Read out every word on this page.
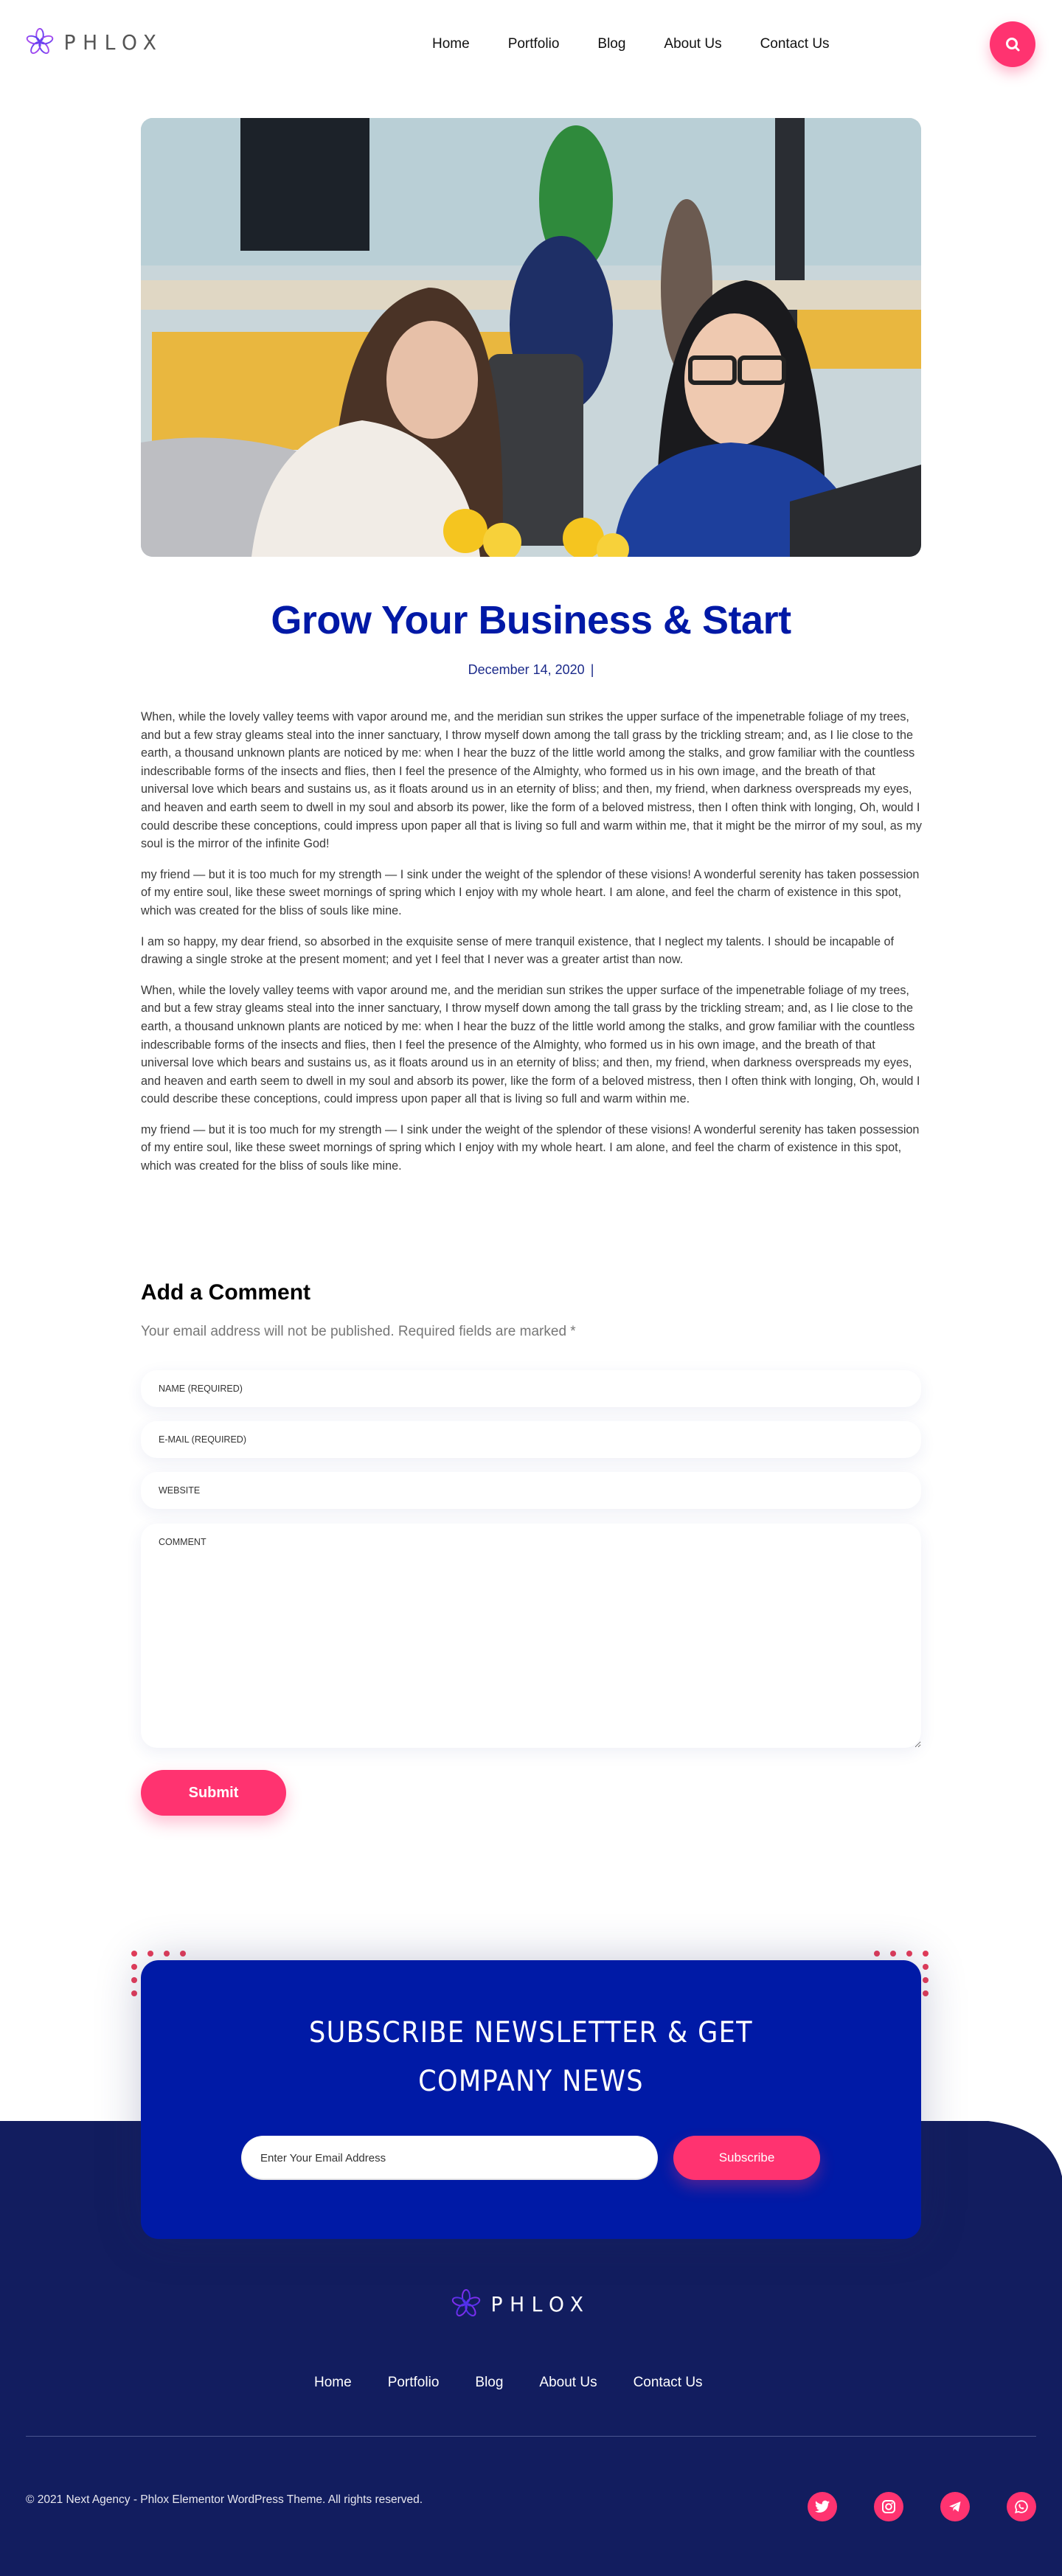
PHLOX	Home	Portfolio	Blog	About Us	Contact Us
Grow Your Business & Start
December 14, 2020 |

When, while the lovely valley teems with vapor around me, and the meridian sun strikes the upper surface of the impenetrable foliage of my trees, and but a few stray gleams steal into the inner sanctuary, I throw myself down among the tall grass by the trickling stream; and, as I lie close to the earth, a thousand unknown plants are noticed by me: when I hear the buzz of the little world among the stalks, and grow familiar with the countless indescribable forms of the insects and flies, then I feel the presence of the Almighty, who formed us in his own image, and the breath of that universal love which bears and sustains us, as it floats around us in an eternity of bliss; and then, my friend, when darkness overspreads my eyes, and heaven and earth seem to dwell in my soul and absorb its power, like the form of a beloved mistress, then I often think with longing, Oh, would I could describe these conceptions, could impress upon paper all that is living so full and warm within me, that it might be the mirror of my soul, as my soul is the mirror of the infinite God!

my friend — but it is too much for my strength — I sink under the weight of the splendor of these visions! A wonderful serenity has taken possession of my entire soul, like these sweet mornings of spring which I enjoy with my whole heart. I am alone, and feel the charm of existence in this spot, which was created for the bliss of souls like mine.

I am so happy, my dear friend, so absorbed in the exquisite sense of mere tranquil existence, that I neglect my talents. I should be incapable of drawing a single stroke at the present moment; and yet I feel that I never was a greater artist than now.

When, while the lovely valley teems with vapor around me, and the meridian sun strikes the upper surface of the impenetrable foliage of my trees, and but a few stray gleams steal into the inner sanctuary, I throw myself down among the tall grass by the trickling stream; and, as I lie close to the earth, a thousand unknown plants are noticed by me: when I hear the buzz of the little world among the stalks, and grow familiar with the countless indescribable forms of the insects and flies, then I feel the presence of the Almighty, who formed us in his own image, and the breath of that universal love which bears and sustains us, as it floats around us in an eternity of bliss; and then, my friend, when darkness overspreads my eyes, and heaven and earth seem to dwell in my soul and absorb its power, like the form of a beloved mistress, then I often think with longing, Oh, would I could describe these conceptions, could impress upon paper all that is living so full and warm within me.

my friend — but it is too much for my strength — I sink under the weight of the splendor of these visions! A wonderful serenity has taken possession of my entire soul, like these sweet mornings of spring which I enjoy with my whole heart. I am alone, and feel the charm of existence in this spot, which was created for the bliss of souls like mine.

Add a Comment

Your email address will not be published. Required fields are marked *

NAME (REQUIRED)
E-MAIL (REQUIRED)
WEBSITE
COMMENT
Submit
SUBSCRIBE NEWSLETTER & GET
COMPANY NEWS
Enter Your Email Address
Subscribe
PHLOX
Home	Portfolio	Blog	About Us	Contact Us

© 2021 Next Agency - Phlox Elementor WordPress Theme. All rights reserved.
